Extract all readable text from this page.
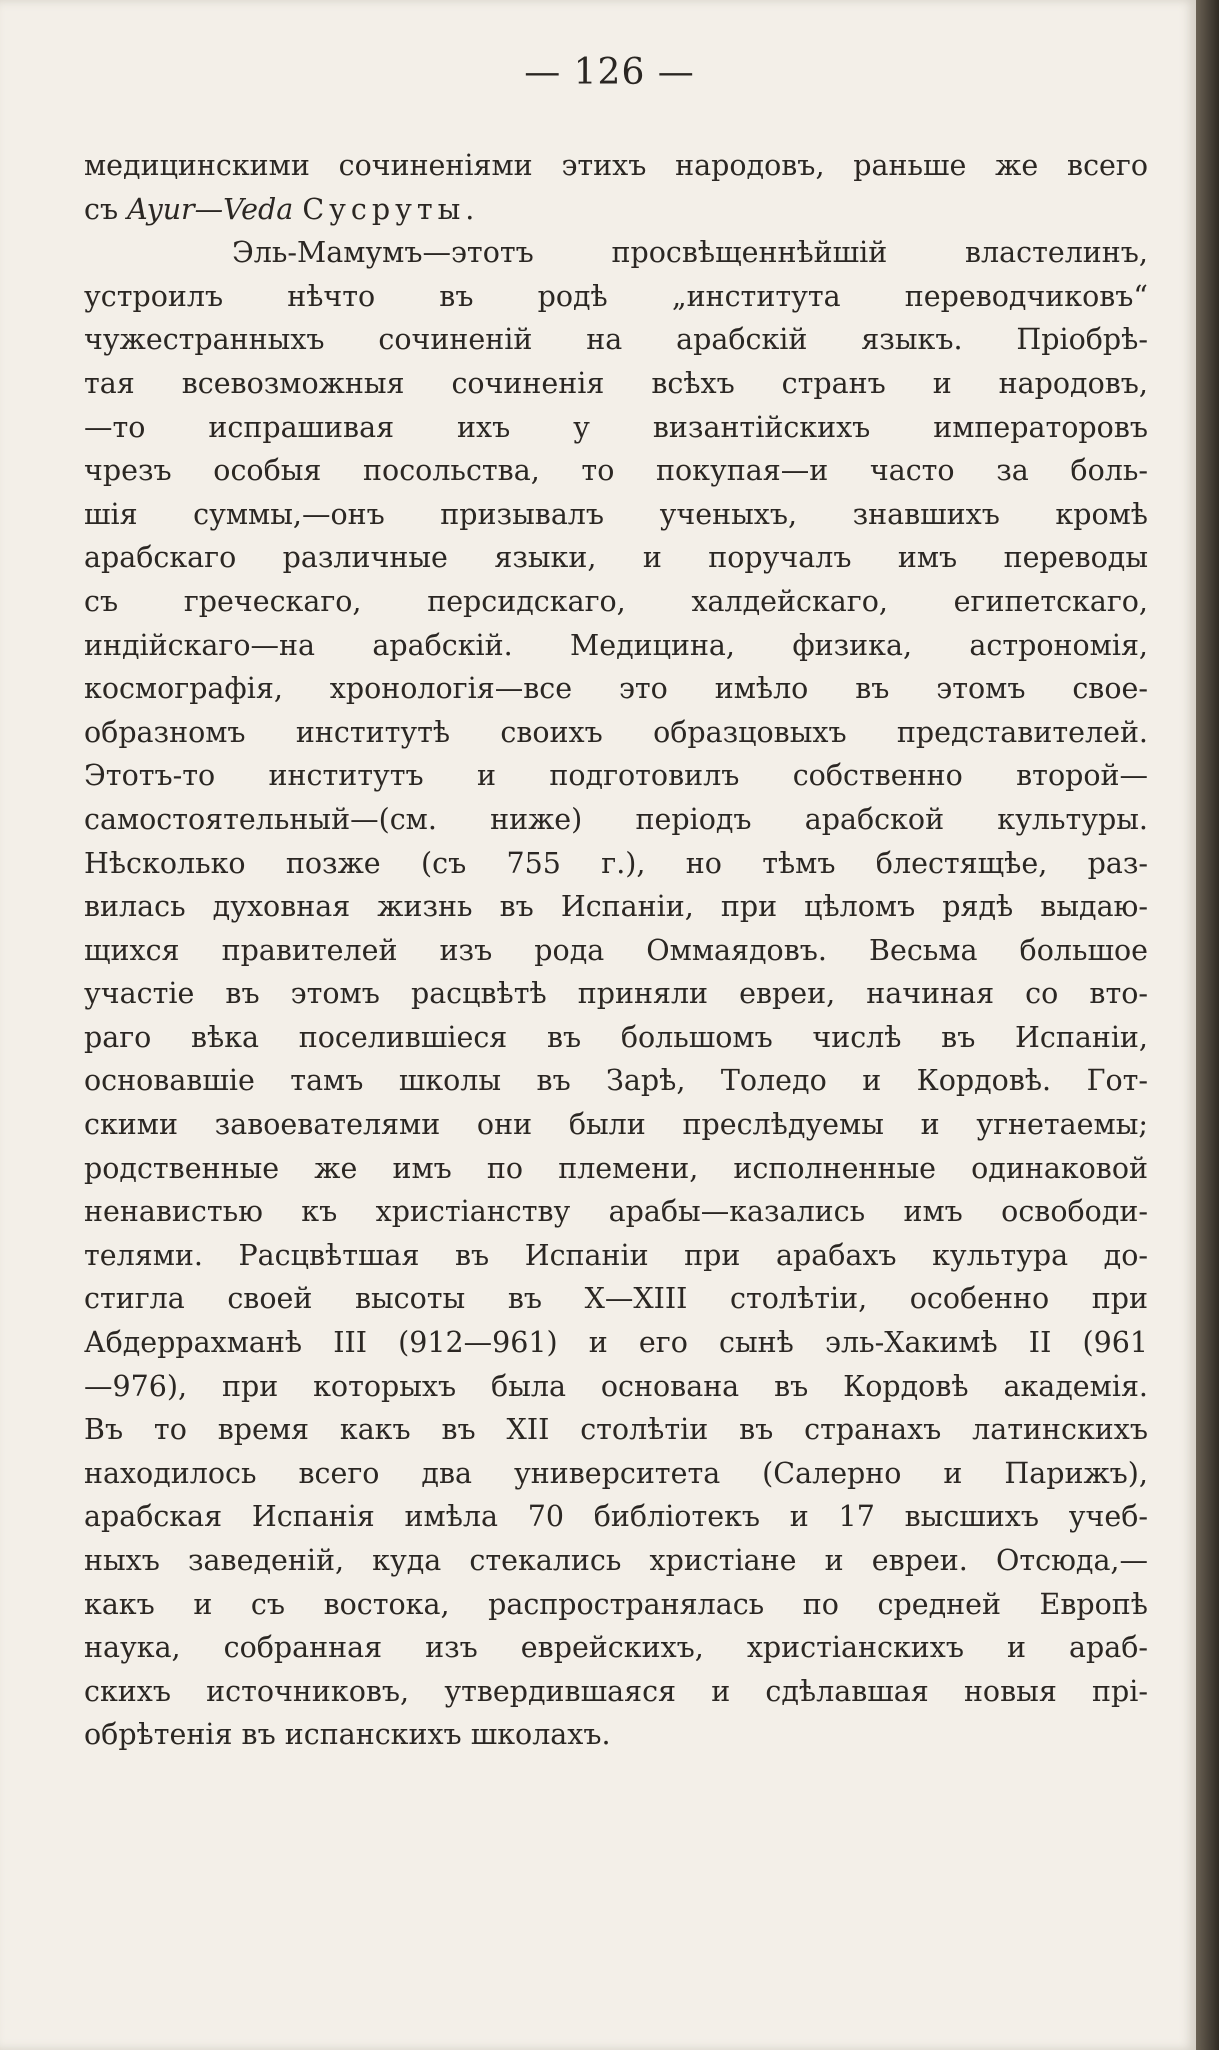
— 126 —
медицинскими сочиненіями этихъ народовъ, раньше же всего
съ Ayur—Veda Сусруты.
Эль-Мамумъ—этотъ просвѣщеннѣйшій властелинъ,
устроилъ нѣчто въ родѣ „института переводчиковъ“
чужестранныхъ сочиненій на арабскій языкъ. Пріобрѣ-
тая всевозможныя сочиненія всѣхъ странъ и народовъ,
—то испрашивая ихъ у византійскихъ императоровъ
чрезъ особыя посольства, то покупая—и часто за боль-
шія суммы,—онъ призывалъ ученыхъ, знавшихъ кромѣ
арабскаго различные языки, и поручалъ имъ переводы
съ греческаго, персидскаго, халдейскаго, египетскаго,
индійскаго—на арабскій. Медицина, физика, астрономія,
космографія, хронологія—все это имѣло въ этомъ свое-
образномъ институтѣ своихъ образцовыхъ представителей.
Этотъ-то институтъ и подготовилъ собственно второй—
самостоятельный—(см. ниже) періодъ арабской культуры.
Нѣсколько позже (съ 755 г.), но тѣмъ блестящѣе, раз-
вилась духовная жизнь въ Испаніи, при цѣломъ рядѣ выдаю-
щихся правителей изъ рода Оммаядовъ. Весьма большое
участіе въ этомъ расцвѣтѣ приняли евреи, начиная со вто-
раго вѣка поселившіеся въ большомъ числѣ въ Испаніи,
основавшіе тамъ школы въ Зарѣ, Толедо и Кордовѣ. Гот-
скими завоевателями они были преслѣдуемы и угнетаемы;
родственные же имъ по племени, исполненные одинаковой
ненавистью къ христіанству арабы—казались имъ освободи-
телями. Расцвѣтшая въ Испаніи при арабахъ культура до-
стигла своей высоты въ X—XIII столѣтіи, особенно при
Абдеррахманѣ III (912—961) и его сынѣ эль-Хакимѣ II (961
—976), при которыхъ была основана въ Кордовѣ академія.
Въ то время какъ въ XII столѣтіи въ странахъ латинскихъ
находилось всего два университета (Салерно и Парижъ),
арабская Испанія имѣла 70 библіотекъ и 17 высшихъ учеб-
ныхъ заведеній, куда стекались христiане и евреи. Отсюда,—
какъ и съ востока, распространялась по средней Европѣ
наука, собранная изъ еврейскихъ, христіанскихъ и араб-
скихъ источниковъ, утвердившаяся и сдѣлавшая новыя прі-
обрѣтенія въ испанскихъ школахъ.
